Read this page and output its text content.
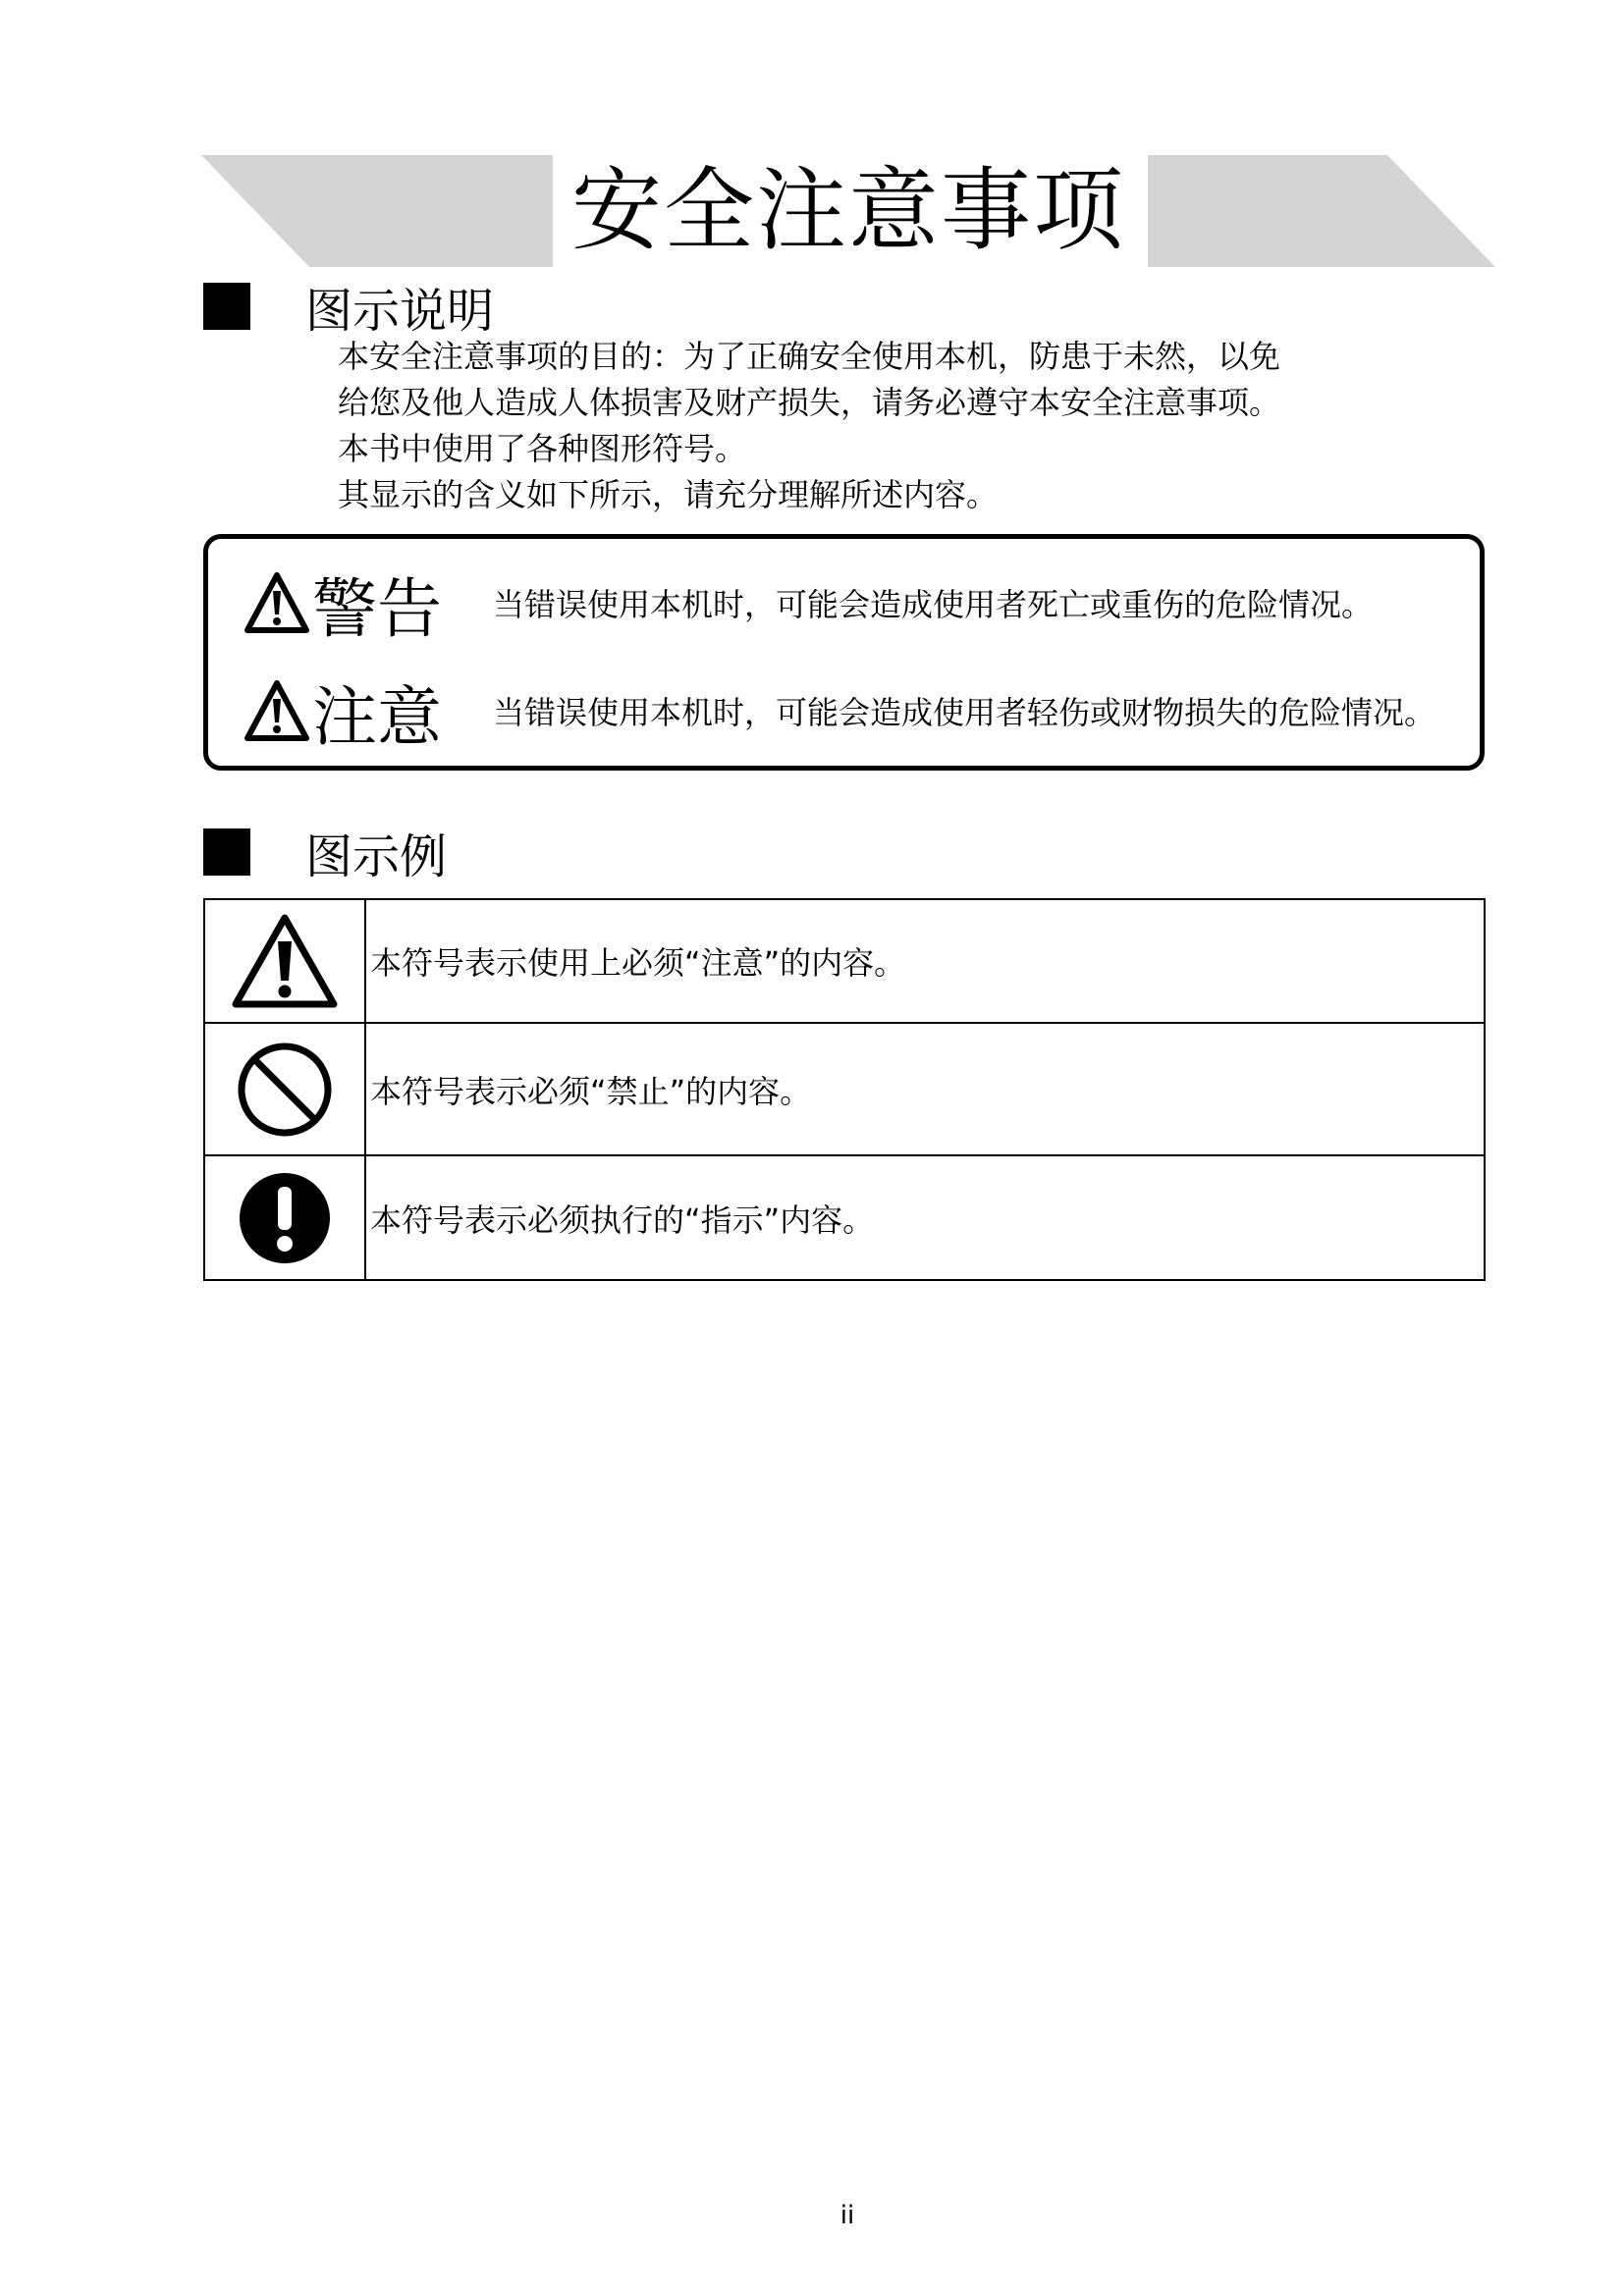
安全注意事项
图示说明
本安全注意事项的目的：为了正确安全使用本机，防患于未然，以免
给您及他人造成人体损害及财产损失，请务必遵守本安全注意事项。
本书中使用了各种图形符号。
其显示的含义如下所示，请充分理解所述内容。
警告	当错误使用本机时，可能会造成使用者死亡或重伤的危险情况。
注意	当错误使用本机时，可能会造成使用者轻伤或财物损失的危险情况。
图示例
	本符号表示使用上必须“注意”的内容。

	本符号表示必须“禁止”的内容。

	本符号表示必须执行的“指示”内容。
ii
